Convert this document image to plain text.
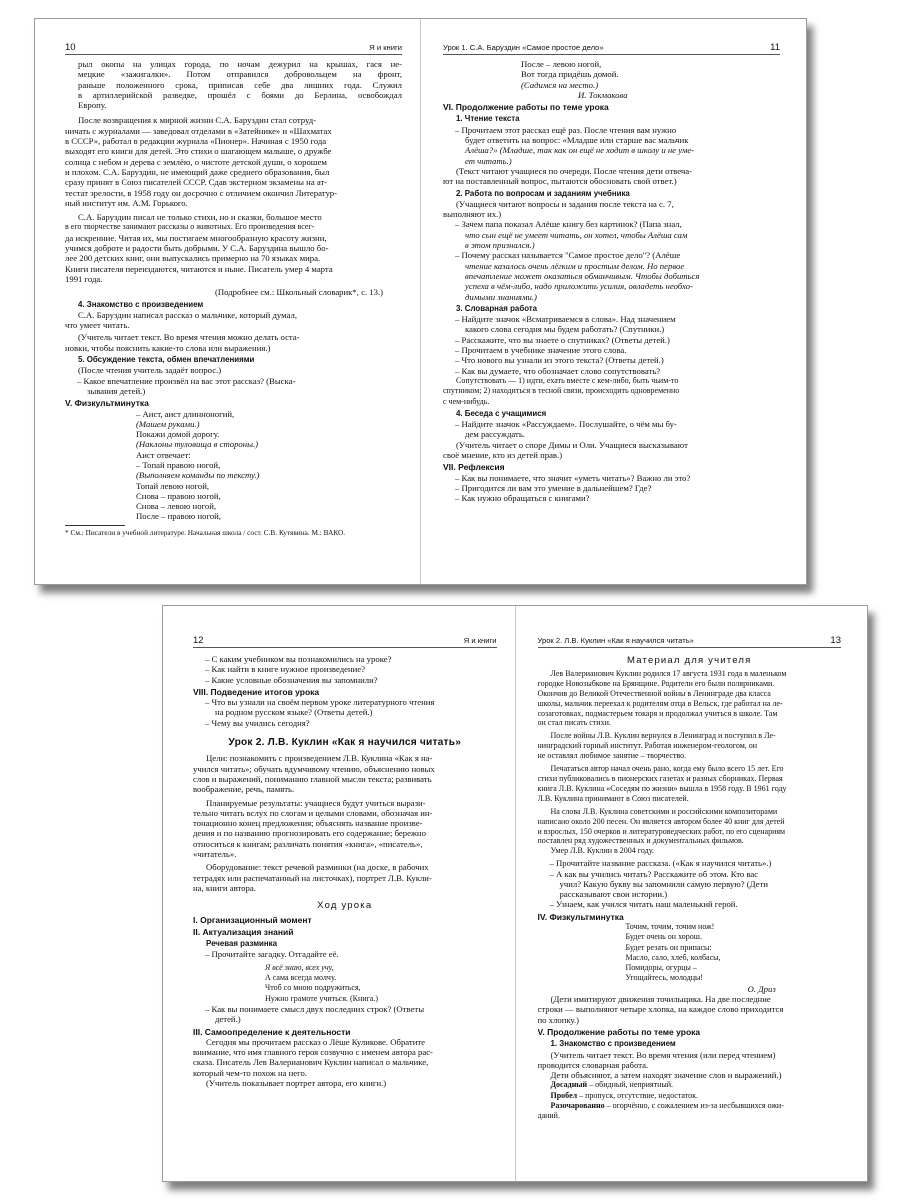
10	Я и книги
рыл окопы на улицах города, по ночам дежурил на крышах, гася не-
мецкие «зажигалки». Потом отправился добровольцем на фронт,
раньше положенного срока, приписав себе два лишних года. Служил
в артиллерийской разведке, прошёл с боями до Берлина, освобождал
Европу.
После возвращения к мирной жизни С.А. Баруздин стал сотруд-
ничать с журналами — заведовал отделами в «Затейнике» и «Шахматах
в СССР», работал в редакции журнала «Пионер». Начиная с 1950 года
выходят его книги для детей. Это стихи о шагающем малыше, о дружбе
солнца с небом и дерева с землёю, о чистоте детской души, о хорошем
и плохом. С.А. Баруздин, не имеющий даже среднего образования, был
сразу принят в Союз писателей СССР. Сдав экстерном экзамены на ат-
тестат зрелости, в 1958 году он досрочно с отличием окончил Литератур-
ный институт им. А.М. Горького.
С.А. Баруздин писал не только стихи, но и сказки, большое место
в его творчестве занимают рассказы о животных. Его произведения всег-
да искренние. Читая их, мы постигаем многообразную красоту жизни,
учимся доброте и радости быть добрыми. У С.А. Баруздина вышло бо-
лее 200 детских книг, они выпускались примерно на 70 языках мира.
Книги писателя переиздаются, читаются и ныне. Писатель умер 4 марта
1991 года.
(Подробнее см.: Школьный словарик*, с. 13.)
4. Знакомство с произведением
С.А. Баруздин написал рассказ о мальчике, который думал,
что умеет читать.
(Учитель читает текст. Во время чтения можно делать оста-
новки, чтобы пояснить какие-то слова или выражения.)
5. Обсуждение текста, обмен впечатлениями
(После чтения учитель задаёт вопрос.)
– Какое впечатление произвёл на вас этот рассказ? (Выска-
зывания детей.)
V. Физкультминутка
– Аист, аист длинноногий,
(Машем руками.)
Покажи домой дорогу.
(Наклоны туловища в стороны.)
Аист отвечает:
– Топай правою ногой,
(Выполняем команды по тексту.)
Топай левою ногой,
Снова – правою ногой,
Снова – левою ногой,
После – правою ногой,
* См.: Писатели в учебной литературе. Начальная школа / сост. С.В. Кутявина. М.: ВАКО.
Урок 1. С.А. Баруздин «Самое простое дело»	11
После – левою ногой,
Вот тогда придёшь домой.
(Садимся на место.)
И. Токмакова
VI. Продолжение работы по теме урока
1. Чтение текста
– Прочитаем этот рассказ ещё раз. После чтения вам нужно
будет ответить на вопрос: «Младше или старше вас мальчик
Алёша?» (Младше, так как он ещё не ходит в школу и не уме-
ет читать.)
(Текст читают учащиеся по очереди. После чтения дети отвеча-
ют на поставленный вопрос, пытаются обосновать свой ответ.)
2. Работа по вопросам и заданиям учебника
(Учащиеся читают вопросы и задания после текста на с. 7,
выполняют их.)
– Зачем папа показал Алёше книгу без картинок? (Папа знал,
что сын ещё не умеет читать, он хотел, чтобы Алёша сам
в этом признался.)
– Почему рассказ называется "Самое простое дело"? (Алёше
чтение казалось очень лёгким и простым делом. Но первое
впечатление может оказаться обманчивым. Чтобы добиться
успеха в чём-либо, надо приложить усилия, овладеть необхо-
димыми знаниями.)
3. Словарная работа
– Найдите значок «Всматриваемся в слова». Над значением
какого слова сегодня мы будем работать? (Спутники.)
– Расскажите, что вы знаете о спутниках? (Ответы детей.)
– Прочитаем в учебнике значение этого слова.
– Что нового вы узнали из этого текста? (Ответы детей.)
– Как вы думаете, что обозначает слово сопутствовать?
Сопутствовать — 1) идти, ехать вместе с кем-либо, быть чьим-то
спутником; 2) находиться в тесной связи, происходить одновременно
с чем-нибудь.
4. Беседа с учащимися
– Найдите значок «Рассуждаем». Послушайте, о чём мы бу-
дем рассуждать.
(Учитель читает о споре Димы и Оли. Учащиеся высказывают
своё мнение, кто из детей прав.)
VII. Рефлексия
– Как вы понимаете, что значит «уметь читать»? Важно ли это?
– Пригодится ли вам это умение в дальнейшем? Где?
– Как нужно обращаться с книгами?
12	Я и книги
– С каким учебником вы познакомились на уроке?
– Как найти в книге нужное произведение?
– Какие условные обозначения вы запомнили?
VIII. Подведение итогов урока
– Что вы узнали на своём первом уроке литературного чтения
на родном русском языке? (Ответы детей.)
– Чему вы учились сегодня?
Урок 2. Л.В. Куклин «Как я научился читать»
Цели: познакомить с произведением Л.В. Куклина «Как я на-
учился читать»; обучать вдумчивому чтению, объяснению новых
слов и выражений, пониманию главной мысли текста; развивать
воображение, речь, память.
Планируемые результаты: учащиеся будут учиться вырази-
тельно читать вслух по слогам и целыми словами, обозначая ин-
тонационно конец предложения; объяснять название произве-
дения и по названию прогнозировать его содержание; бережно
относиться к книгам; различать понятия «книга», «писатель»,
«читатель».
Оборудование: текст речевой разминки (на доске, в рабочих
тетрадях или распечатанный на листочках), портрет Л.В. Кукли-
на, книги автора.
Ход урока
I. Организационный момент
II. Актуализация знаний
Речевая разминка
– Прочитайте загадку. Отгадайте её.
Я всё знаю, всех учу,
А сама всегда молчу.
Чтоб со мною подружиться,
Нужно грамоте учиться. (Книга.)
– Как вы понимаете смысл двух последних строк? (Ответы
детей.)
III. Самоопределение к деятельности
Сегодня мы прочитаем рассказ о Лёше Куликове. Обратите
внимание, что имя главного героя созвучно с именем автора рас-
сказа. Писатель Лев Валерианович Куклин написал о мальчике,
который чем-то похож на него.
(Учитель показывает портрет автора, его книги.)
Урок 2. Л.В. Куклин «Как я научился читать»	13
Материал для учителя
Лев Валерианович Куклин родился 17 августа 1931 года в маленьком
городке Новозыбкове на Брянщине. Родители его были полярниками.
Окончив до Великой Отечественной войны в Ленинграде два класса
школы, мальчик переехал к родителям отца в Вельск, где работал на ле-
созаготовках, подмастерьем токаря и продолжал учиться в школе. Там
он стал писать стихи.
После войны Л.В. Куклин вернулся в Ленинград и поступил в Ле-
нинградский горный институт. Работая инженером-геологом, он
не оставлял любимое занятие – творчество.
Печататься автор начал очень рано, когда ему было всего 15 лет. Его
стихи публиковались в пионерских газетах и разных сборниках. Первая
книга Л.В. Куклина «Соседям по жизни» вышла в 1958 году. В 1961 году
Л.В. Куклина принимают в Союз писателей.
На слова Л.В. Куклина советскими и российскими композиторами
написано около 200 песен. Он является автором более 40 книг для детей
и взрослых, 150 очерков и литературоведческих работ, по его сценариям
поставлен ряд художественных и документальных фильмов.
Умер Л.В. Куклин в 2004 году.
– Прочитайте название рассказа. («Как я научился читать».)
– А как вы учились читать? Расскажите об этом. Кто вас
учил? Какую букву вы запомнили самую первую? (Дети
рассказывают свои истории.)
– Узнаем, как учился читать наш маленький герой.
IV. Физкультминутка
Точим, точим, точим нож!
Будет очень он хорош.
Будет резать он припасы:
Масло, сало, хлеб, колбасы,
Помидоры, огурцы –
Угощайтесь, молодцы!
О. Дриз
(Дети имитируют движения точильщика. На две последние
строки — выполняют четыре хлопка, на каждое слово приходится
по хлопку.)
V. Продолжение работы по теме урока
1. Знакомство с произведением
(Учитель читает текст. Во время чтения (или перед чтением)
проводится словарная работа.
Дети объясняют, а затем находят значение слов и выражений.)
Досадный – обидный, неприятный.
Пробел – пропуск, отсутствие, недостаток.
Разочарованно – огорчённо, с сожалением из-за несбывшихся ожи-
даний.
